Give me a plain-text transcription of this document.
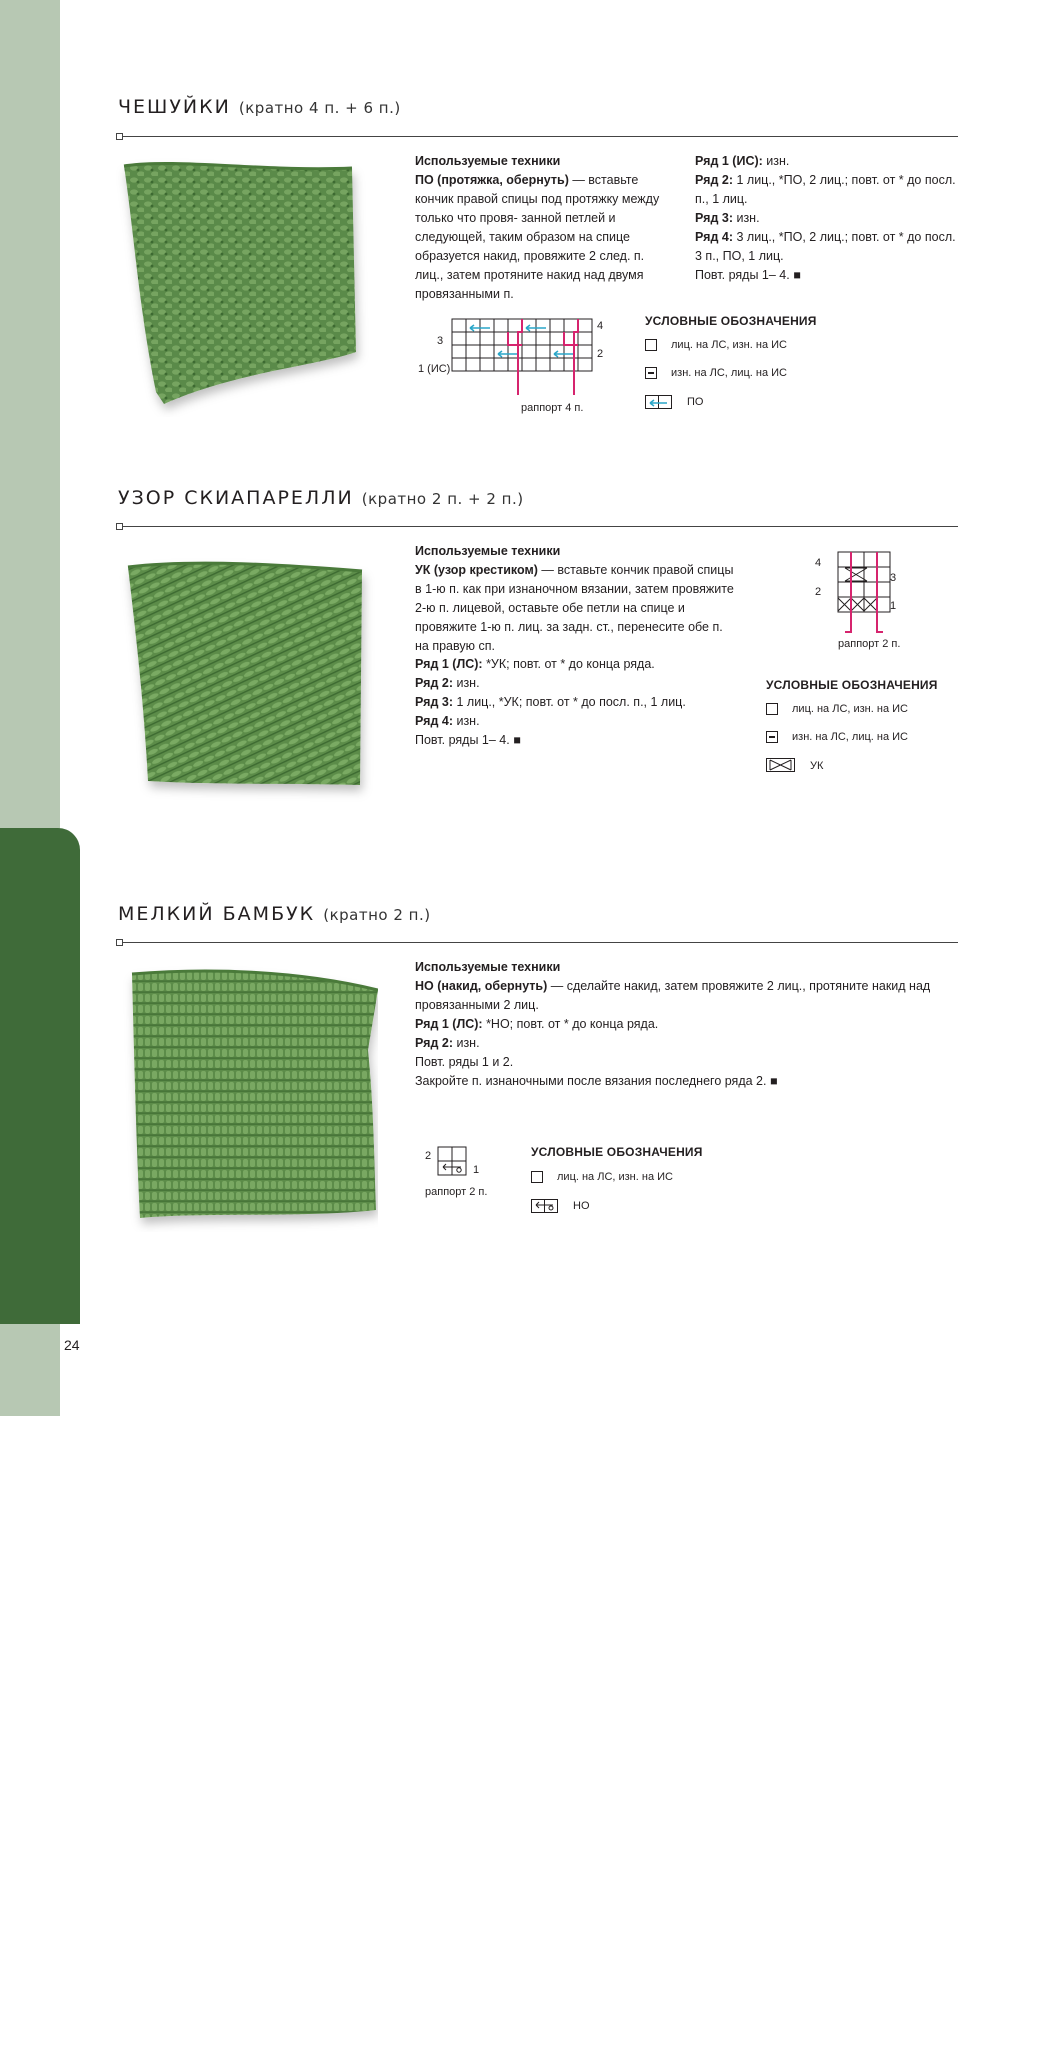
ГЛАВА 1 • ЛИЦЕВЫЕ И ИЗНАНОЧНЫЕ
24
ЧЕШУЙКИ (кратно 4 п. + 6 п.)
Используемые техники
ПО (протяжка, обернуть) — вставьте кончик правой спицы под протяжку между только что провя- занной петлей и следующей, таким образом на спице образуется накид, провяжите 2 след. п. лиц., затем протяните накид над двумя провязанными п.
Ряд 1 (ИС): изн.
Ряд 2: 1 лиц., *ПО, 2 лиц.; повт. от * до посл. п., 1 лиц.
Ряд 3: изн.
Ряд 4: 3 лиц., *ПО, 2 лиц.; повт. от * до посл. 3 п., ПО, 1 лиц.
Повт. ряды 1– 4. ■
4
3
2
1 (ИС)
раппорт 4 п.
УСЛОВНЫЕ ОБОЗНАЧЕНИЯ
лиц. на ЛС, изн. на ИС
изн. на ЛС, лиц. на ИС
ПО
УЗОР СКИАПАРЕЛЛИ (кратно 2 п. + 2 п.)
Используемые техники
УК (узор крестиком) — вставьте кончик правой спицы в 1-ю п. как при изнаночном вязании, затем провяжите 2-ю п. лицевой, оставьте обе петли на спице и провяжите 1-ю п. лиц. за задн. ст., перенесите обе п. на правую сп.
Ряд 1 (ЛС): *УК; повт. от * до конца ряда.
Ряд 2: изн.
Ряд 3: 1 лиц., *УК; повт. от * до посл. п., 1 лиц.
Ряд 4: изн.
Повт. ряды 1– 4. ■
4
3
2
1
раппорт 2 п.
УСЛОВНЫЕ ОБОЗНАЧЕНИЯ
лиц. на ЛС, изн. на ИС
изн. на ЛС, лиц. на ИС
УК
МЕЛКИЙ БАМБУК (кратно 2 п.)
Используемые техники
НО (накид, обернуть) — сделайте накид, затем провяжите 2 лиц., протяните накид над провязанными 2 лиц.
Ряд 1 (ЛС): *НО; повт. от * до конца ряда.
Ряд 2: изн.
Повт. ряды 1 и 2.
Закройте п. изнаночными после вязания последнего ряда 2. ■
2
1
раппорт 2 п.
УСЛОВНЫЕ ОБОЗНАЧЕНИЯ
лиц. на ЛС, изн. на ИС
НО
